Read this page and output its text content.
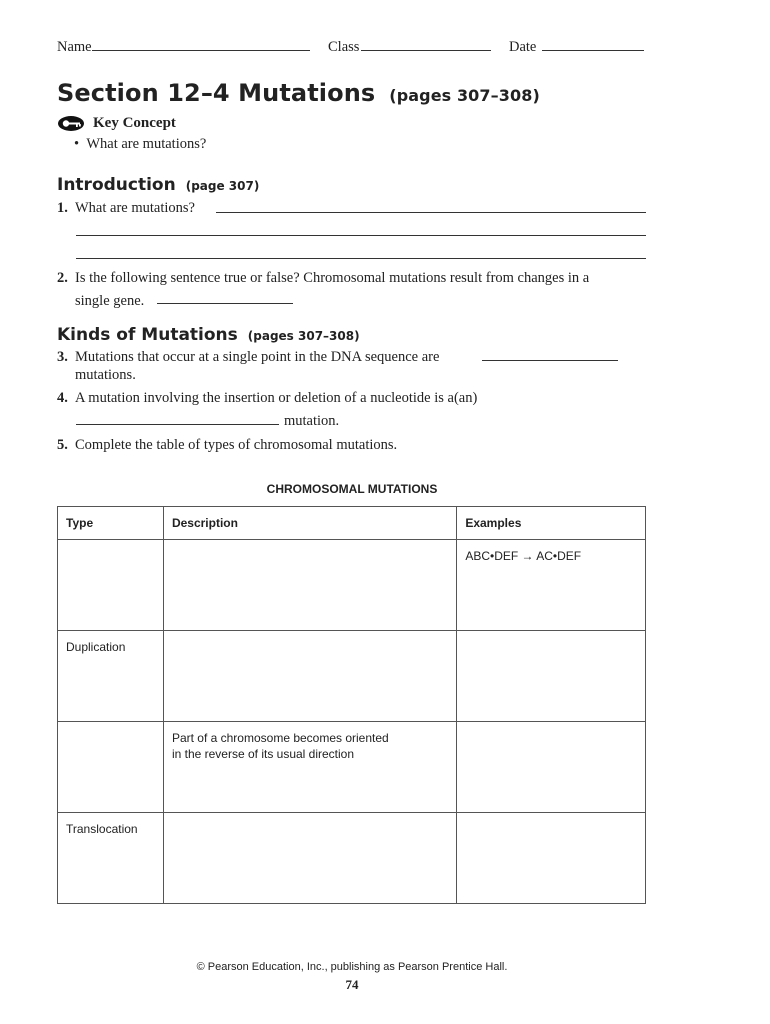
Name	Class	Date
Section 12–4 Mutations (pages 307–308)
Key Concept
•  What are mutations?
Introduction (page 307)
1. What are mutations?
2. Is the following sentence true or false? Chromosomal mutations result from changes in a
single gene.
Kinds of Mutations (pages 307–308)
3. Mutations that occur at a single point in the DNA sequence are
mutations.
4. A mutation involving the insertion or deletion of a nucleotide is a(an)
mutation.
5. Complete the table of types of chromosomal mutations.
CHROMOSOMAL MUTATIONS
Type	Description	Examples

		ABC•DEF → AC•DEF

Duplication		

	Part of a chromosome becomes oriented
in the reverse of its usual direction	

Translocation		

© Pearson Education, Inc., publishing as Pearson Prentice Hall.
74
